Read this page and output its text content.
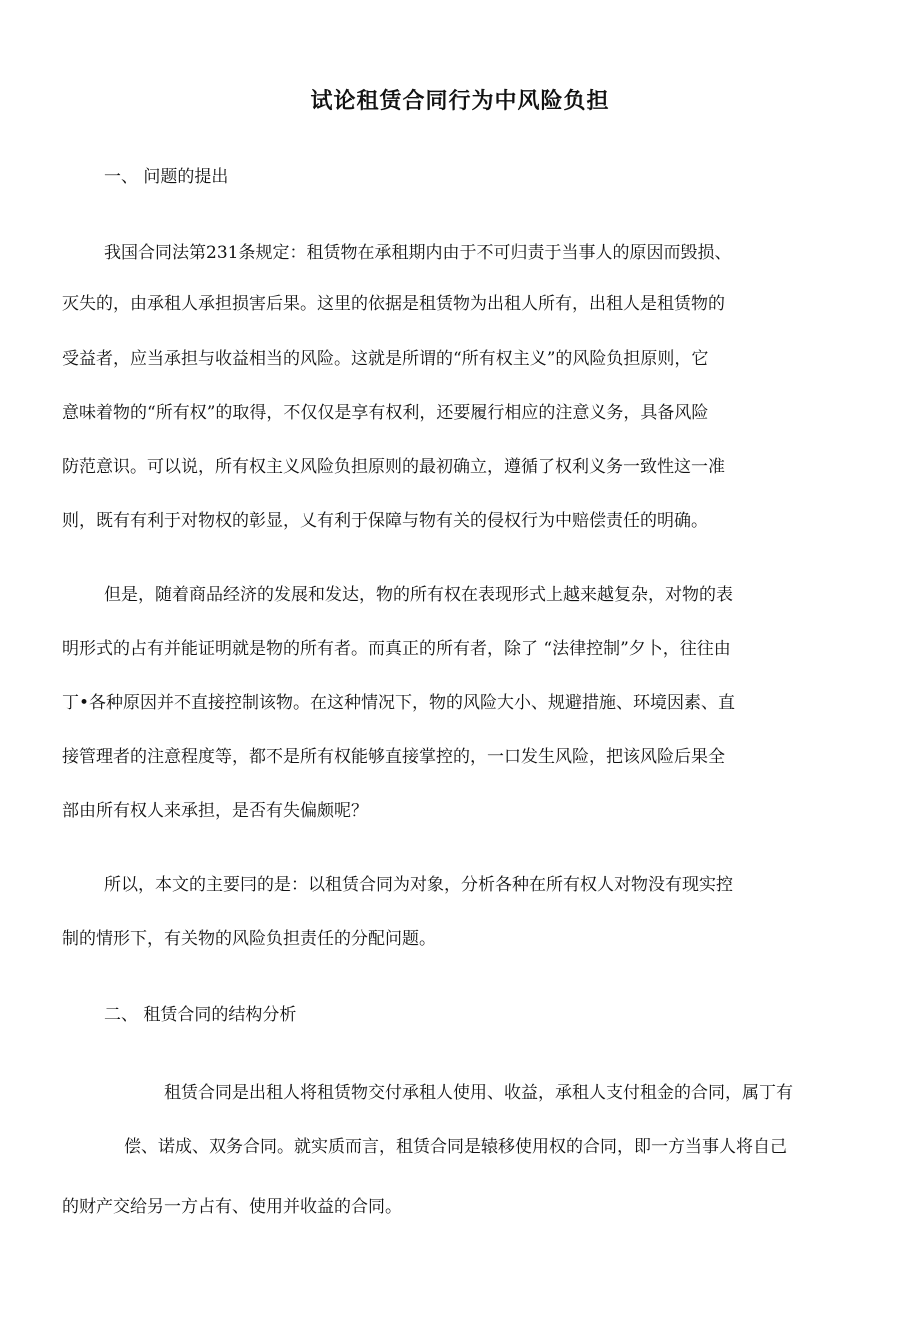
试论租赁合同行为中风险负担
一、 问题的提出
我国合同法第231条规定：租赁物在承租期内由于不可归责于当事人的原因而毁损、
灭失的，由承租人承担损害后果。这里的依据是租赁物为出租人所有，出租人是租赁物的
受益者，应当承担与收益相当的风险。这就是所谓的“所有权主义”的风险负担原则，它
意味着物的“所有权”的取得，不仅仅是享有权利，还要履行相应的注意义务，具备风险
防范意识。可以说，所有权主义风险负担原则的最初确立，遵循了权利义务一致性这一准
则，既有有利于对物权的彰显，乂有利于保障与物有关的侵权行为中赔偿责任的明确。
但是，随着商品经济的发展和发达，物的所有权在表现形式上越来越复杂，对物的表
明形式的占有并能证明就是物的所有者。而真正的所有者，除了 “法律控制”夕卜，往往由
丁•各种原因并不直接控制该物。在这种情况下，物的风险大小、规避措施、环境因素、直
接管理者的注意程度等，都不是所有权能够直接掌控的，一口发生风险，把该风险后果全
部由所有权人来承担，是否有失偏颇呢？
所以，本文的主要冃的是：以租赁合同为对象，分析各种在所有权人对物没有现实控
制的情形下，有关物的风险负担责任的分配问题。
二、 租赁合同的结构分析
租赁合同是出租人将租赁物交付承租人使用、收益，承租人支付租金的合同，属丁有
偿、诺成、双务合同。就实质而言，租赁合同是辕移使用权的合同，即一方当事人将自己
的财产交给另一方占有、使用并收益的合同。
